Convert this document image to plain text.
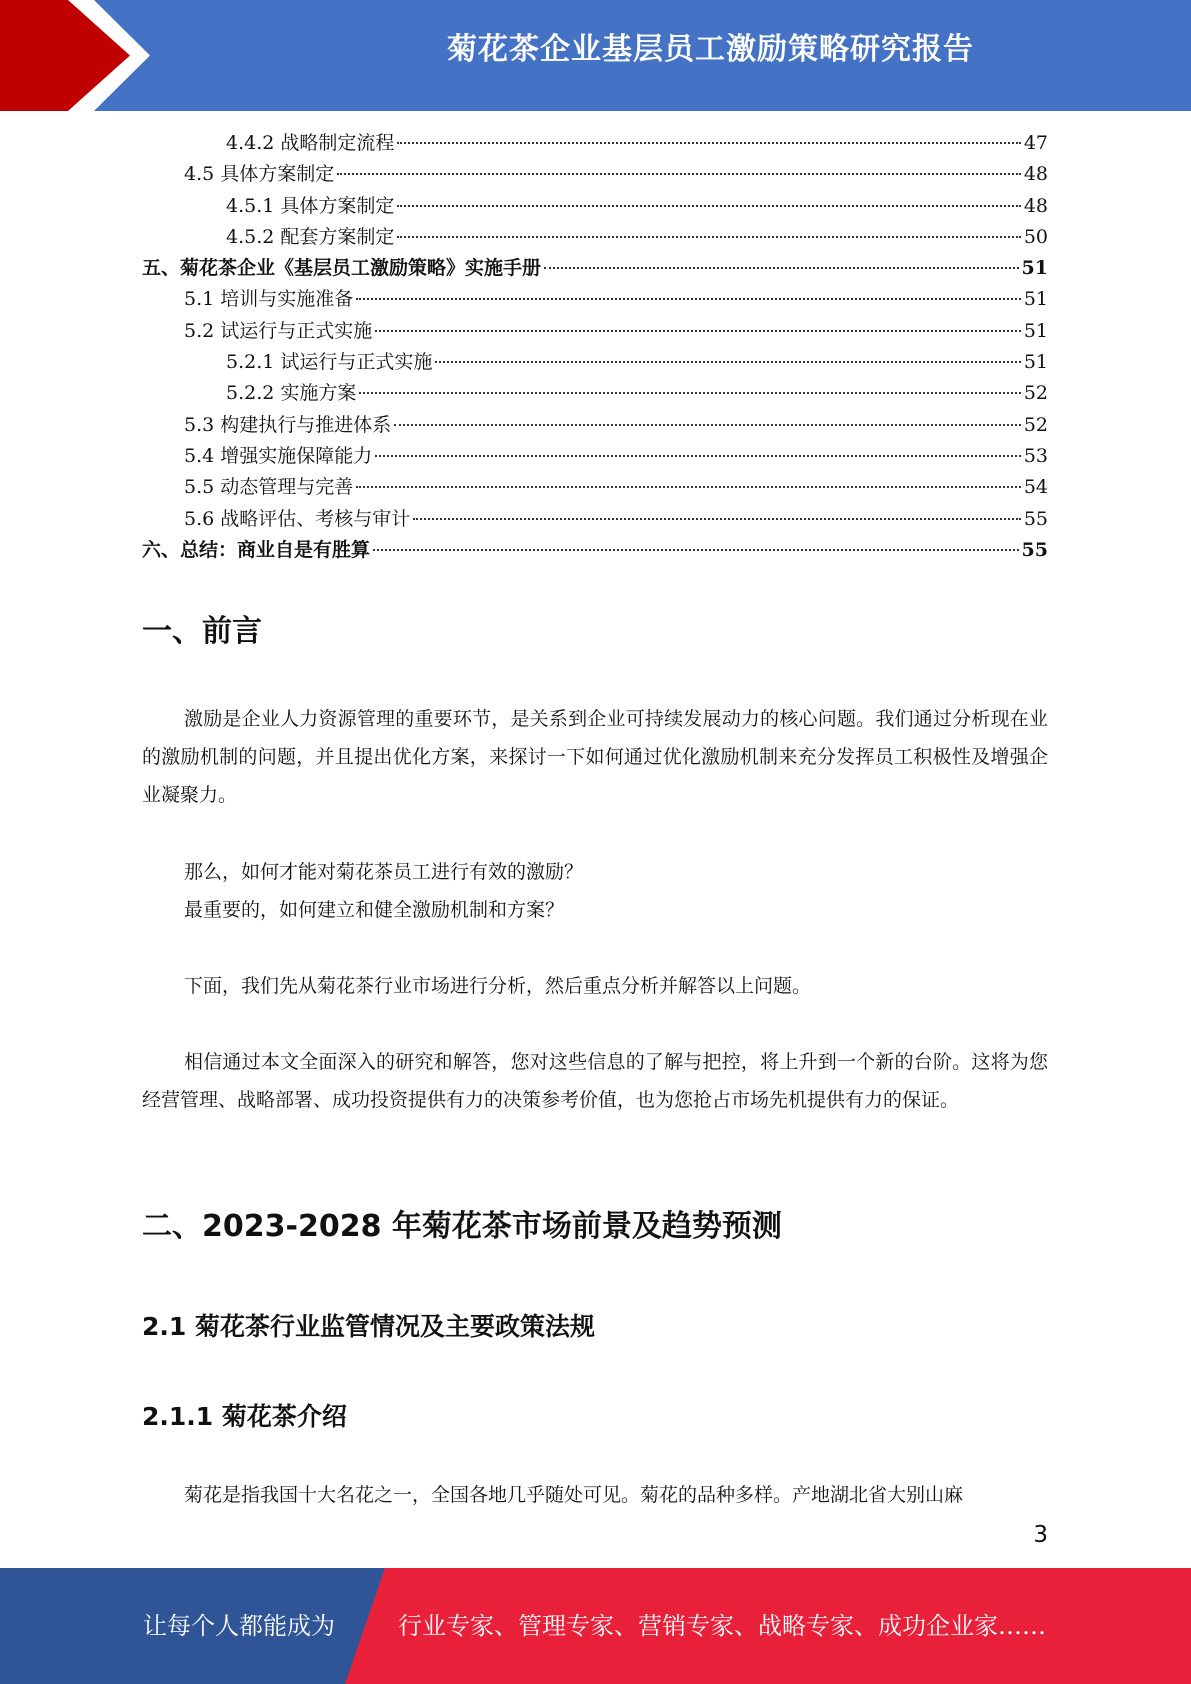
菊花茶企业基层员工激励策略研究报告
4.4.2 战略制定流程	47
4.5 具体方案制定	48
4.5.1 具体方案制定	48
4.5.2 配套方案制定	50
五、菊花茶企业《基层员工激励策略》实施手册	51
5.1 培训与实施准备	51
5.2 试运行与正式实施	51
5.2.1 试运行与正式实施	51
5.2.2 实施方案	52
5.3 构建执行与推进体系	52
5.4 增强实施保障能力	53
5.5 动态管理与完善	54
5.6 战略评估、考核与审计	55
六、总结：商业自是有胜算	55
一、前言
激励是企业人力资源管理的重要环节，是关系到企业可持续发展动力的核心问题。我们通过分析现在业的激励机制的问题，并且提出优化方案，来探讨一下如何通过优化激励机制来充分发挥员工积极性及增强企业凝聚力。
那么，如何才能对菊花茶员工进行有效的激励？
最重要的，如何建立和健全激励机制和方案？
下面，我们先从菊花茶行业市场进行分析，然后重点分析并解答以上问题。
相信通过本文全面深入的研究和解答，您对这些信息的了解与把控，将上升到一个新的台阶。这将为您经营管理、战略部署、成功投资提供有力的决策参考价值，也为您抢占市场先机提供有力的保证。
二、2023-2028 年菊花茶市场前景及趋势预测
2.1 菊花茶行业监管情况及主要政策法规
2.1.1 菊花茶介绍
菊花是指我国十大名花之一，全国各地几乎随处可见。菊花的品种多样。产地湖北省大别山麻
3
让每个人都能成为	行业专家、管理专家、营销专家、战略专家、成功企业家……
